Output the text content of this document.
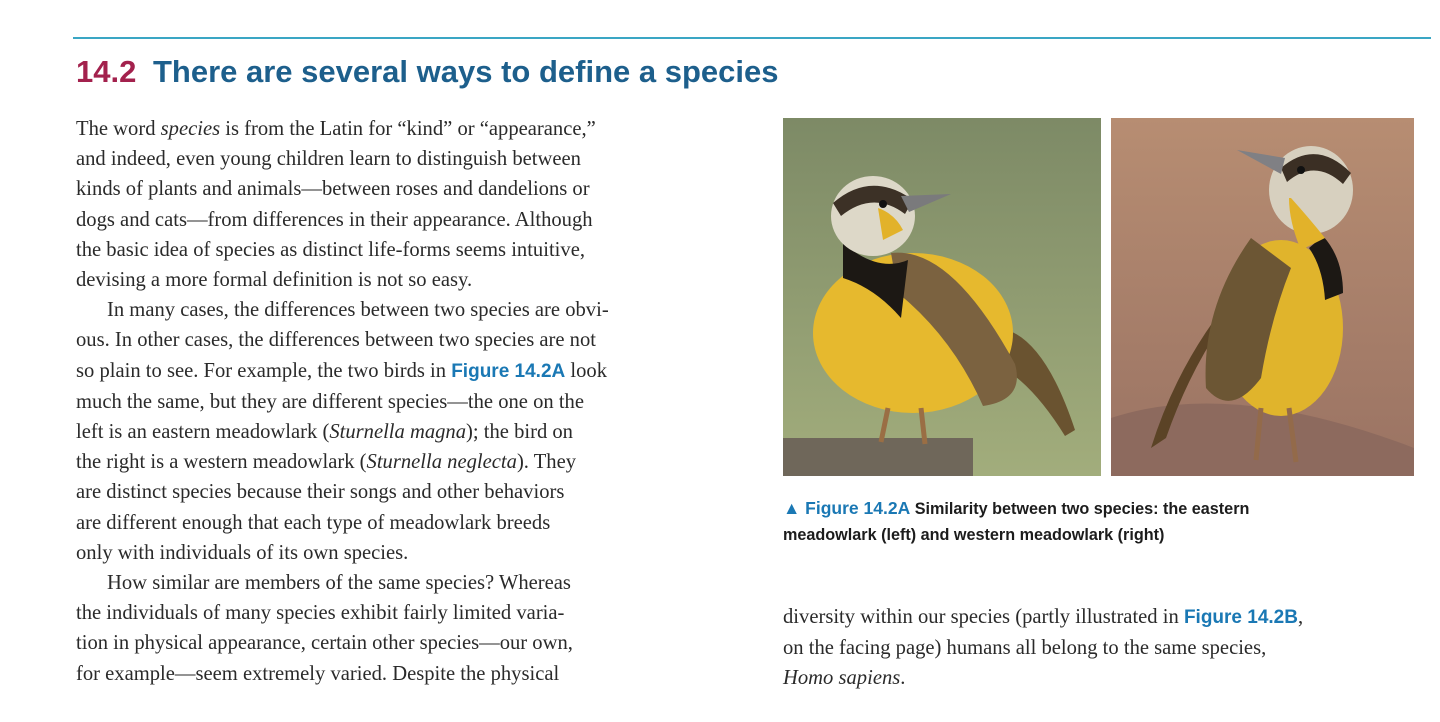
14.2 There are several ways to define a species
The word species is from the Latin for “kind” or “appearance,”
and indeed, even young children learn to distinguish between
kinds of plants and animals—between roses and dandelions or
dogs and cats—from differences in their appearance. Although
the basic idea of species as distinct life-forms seems intuitive,
devising a more formal definition is not so easy.
In many cases, the differences between two species are obvi-
ous. In other cases, the differences between two species are not
so plain to see. For example, the two birds in Figure 14.2A look
much the same, but they are different species—the one on the
left is an eastern meadowlark (Sturnella magna); the bird on
the right is a western meadowlark (Sturnella neglecta). They
are distinct species because their songs and other behaviors
are different enough that each type of meadowlark breeds
only with individuals of its own species.
How similar are members of the same species? Whereas
the individuals of many species exhibit fairly limited varia-
tion in physical appearance, certain other species—our own,
for example—seem extremely varied. Despite the physical
diversity within our species (partly illustrated in Figure 14.2B,
on the facing page) humans all belong to the same species,
Homo sapiens.
▲ Figure 14.2A Similarity between two species: the eastern
meadowlark (left) and western meadowlark (right)
